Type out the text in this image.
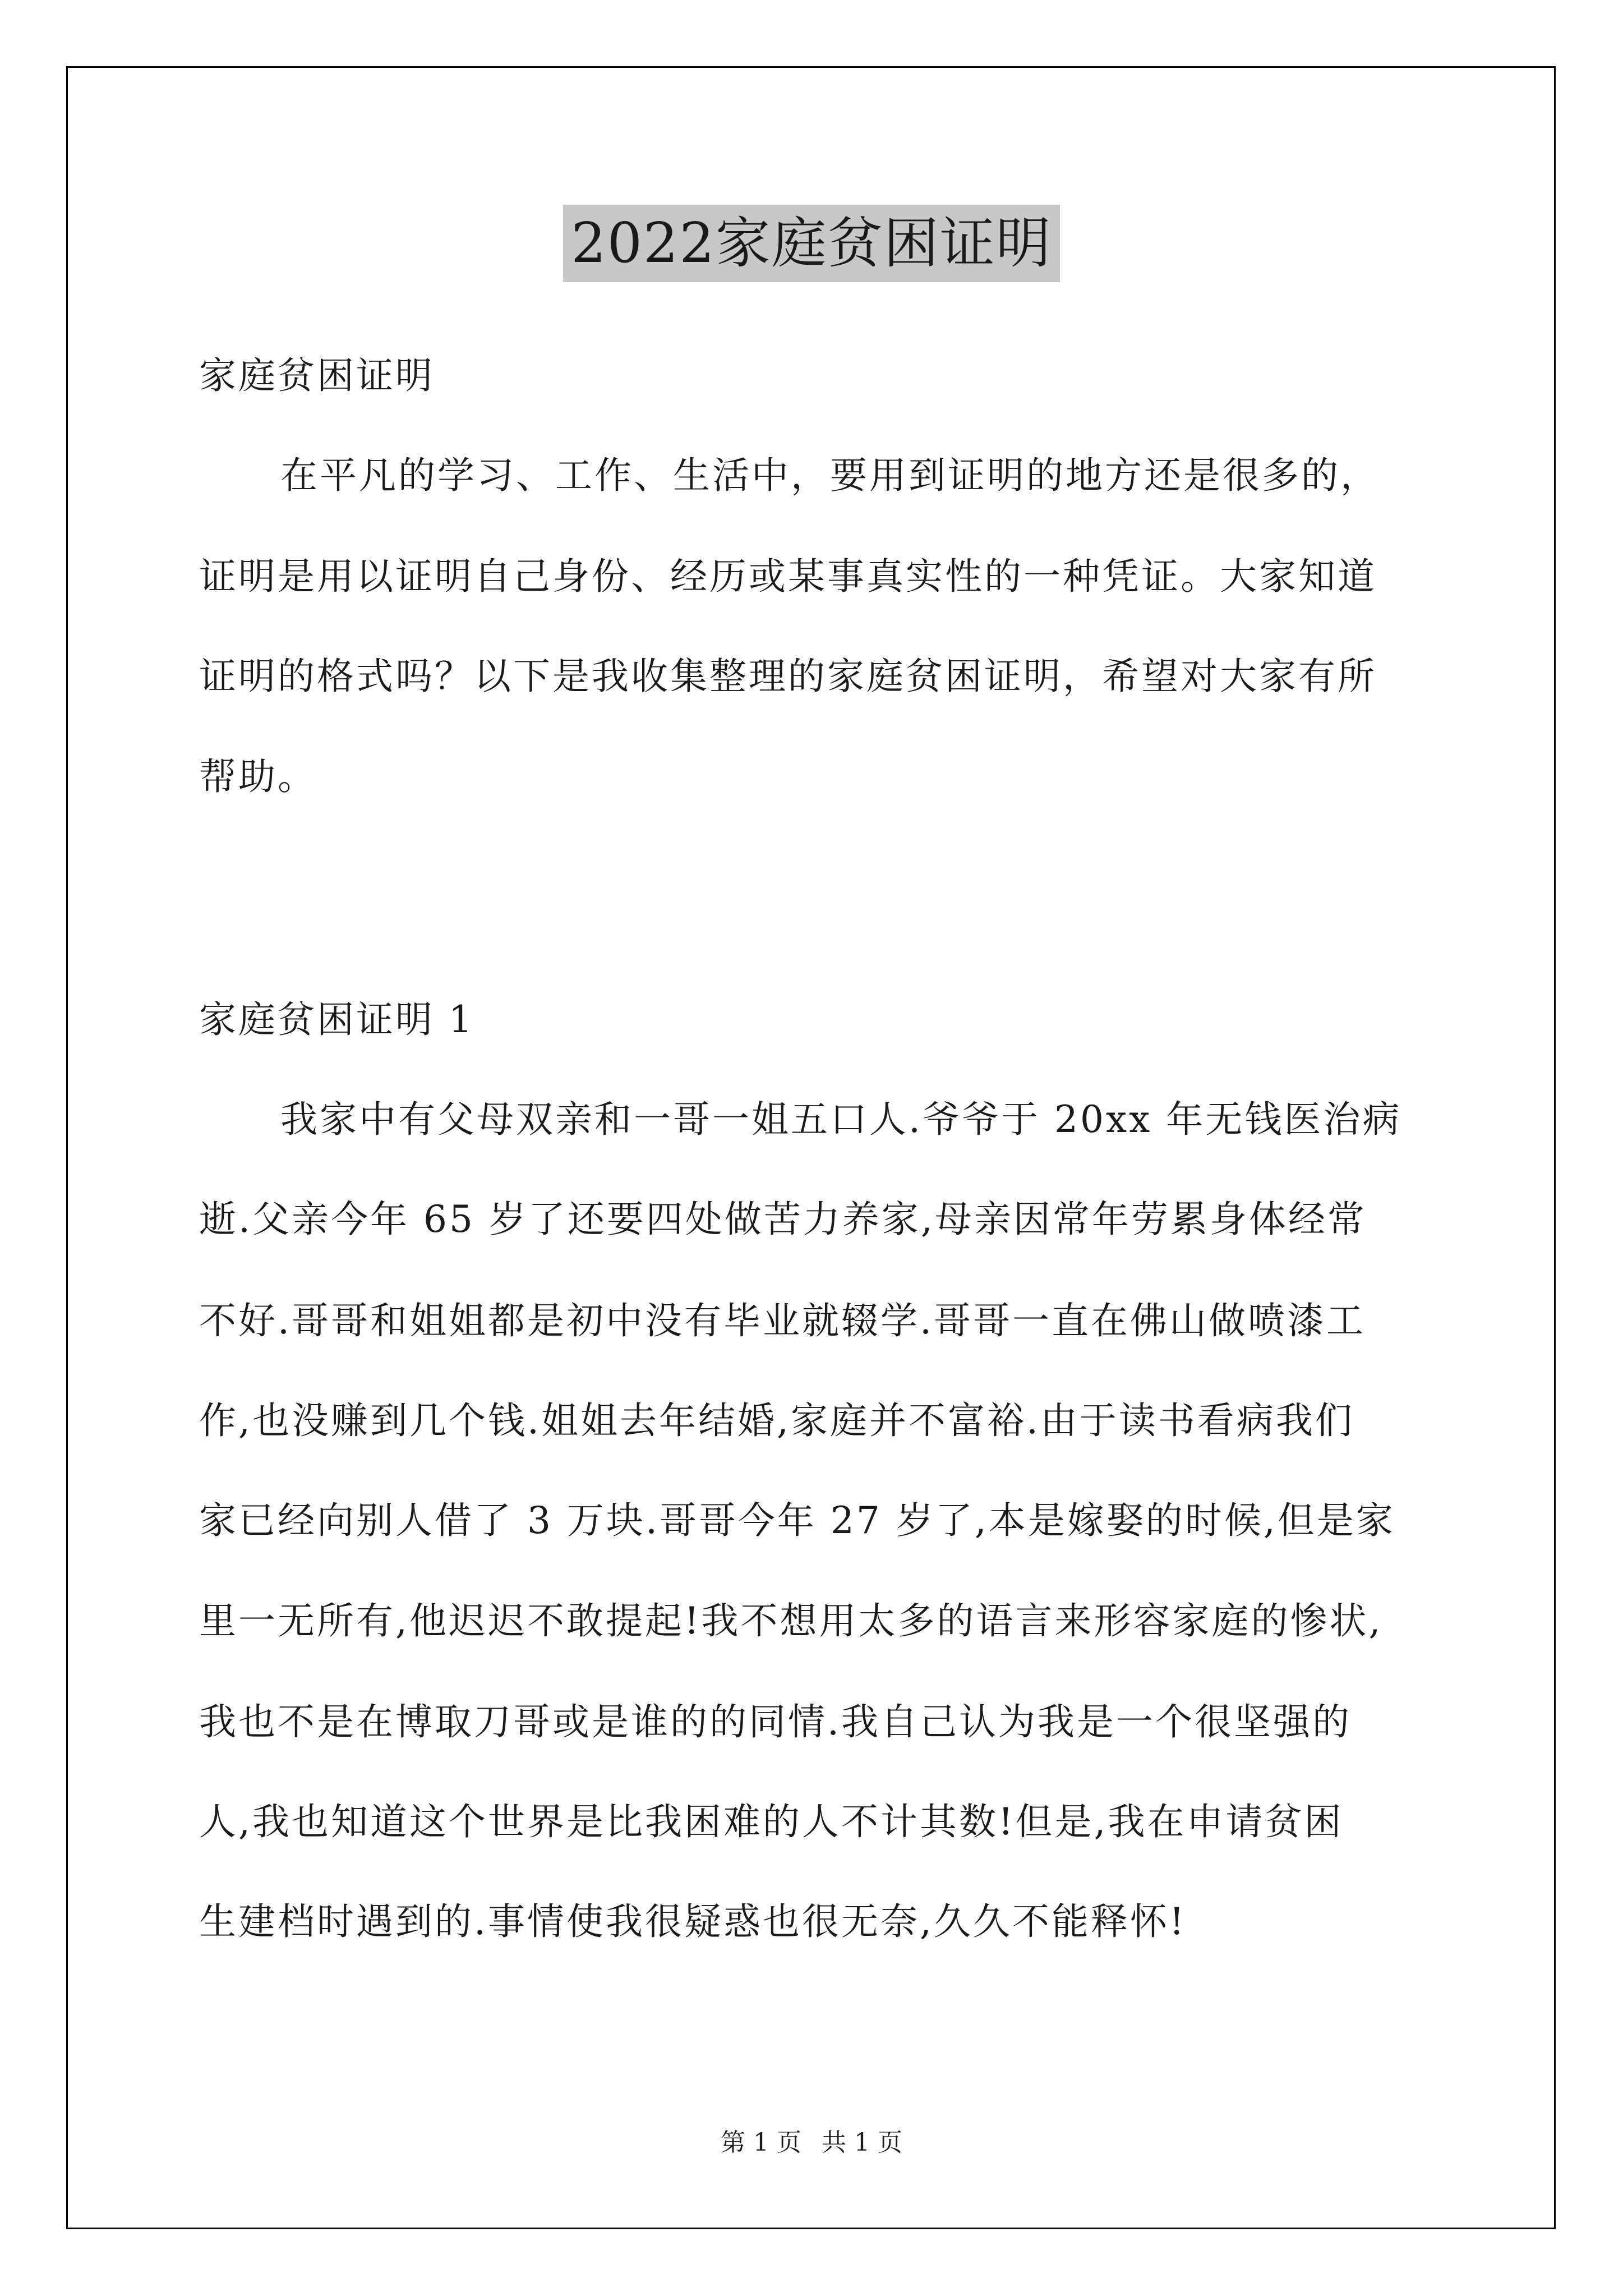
2022家庭贫困证明
家庭贫困证明
在平凡的学习、工作、生活中，要用到证明的地方还是很多的，
证明是用以证明自己身份、经历或某事真实性的一种凭证。大家知道
证明的格式吗？以下是我收集整理的家庭贫困证明，希望对大家有所
帮助。
家庭贫困证明 1
我家中有父母双亲和一哥一姐五口人.爷爷于 20xx 年无钱医治病
逝.父亲今年 65 岁了还要四处做苦力养家,母亲因常年劳累身体经常
不好.哥哥和姐姐都是初中没有毕业就辍学.哥哥一直在佛山做喷漆工
作,也没赚到几个钱.姐姐去年结婚,家庭并不富裕.由于读书看病我们
家已经向别人借了 3 万块.哥哥今年 27 岁了,本是嫁娶的时候,但是家
里一无所有,他迟迟不敢提起!我不想用太多的语言来形容家庭的惨状,
我也不是在博取刀哥或是谁的的同情.我自己认为我是一个很坚强的
人,我也知道这个世界是比我困难的人不计其数!但是,我在申请贫困
生建档时遇到的.事情使我很疑惑也很无奈,久久不能释怀!
第 1 页 共 1 页
